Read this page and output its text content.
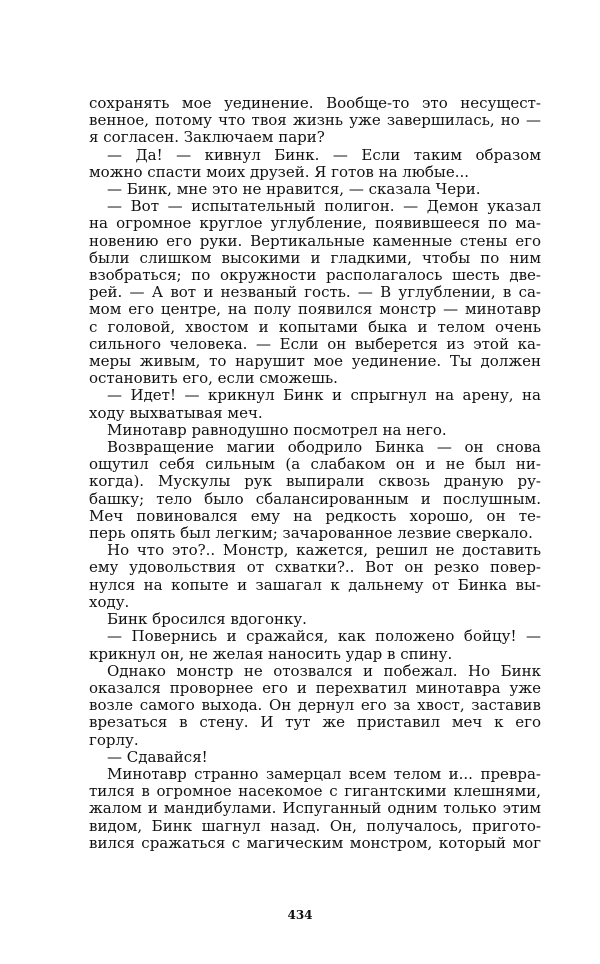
сохранять мое уединение. Вообще-то это несущест-

венное, потому что твоя жизнь уже завершилась, но —

я согласен. Заключаем пари?

— Да! — кивнул Бинк. — Если таким образом

можно спасти моих друзей. Я готов на любые...

— Бинк, мне это не нравится, — сказала Чери.

— Вот — испытательный полигон. — Демон указал

на огромное круглое углубление, появившееся по ма-

новению его руки. Вертикальные каменные стены его

были слишком высокими и гладкими, чтобы по ним

взобраться; по окружности располагалось шесть две-

рей. — А вот и незваный гость. — В углублении, в са-

мом его центре, на полу появился монстр — минотавр

с головой, хвостом и копытами быка и телом очень

сильного человека. — Если он выберется из этой ка-

меры живым, то нарушит мое уединение. Ты должен

остановить его, если сможешь.

— Идет! — крикнул Бинк и спрыгнул на арену, на

ходу выхватывая меч.

Минотавр равнодушно посмотрел на него.

Возвращение магии ободрило Бинка — он снова

ощутил себя сильным (а слабаком он и не был ни-

когда). Мускулы рук выпирали сквозь драную ру-

башку; тело было сбалансированным и послушным.

Меч повиновался ему на редкость хорошо, он те-

перь опять был легким; зачарованное лезвие сверкало.

Но что это?.. Монстр, кажется, решил не доставить

ему удовольствия от схватки?.. Вот он резко повер-

нулся на копыте и зашагал к дальнему от Бинка вы-

ходу.

Бинк бросился вдогонку.

— Повернись и сражайся, как положено бойцу! —

крикнул он, не желая наносить удар в спину.

Однако монстр не отозвался и побежал. Но Бинк

оказался проворнее его и перехватил минотавра уже

возле самого выхода. Он дернул его за хвост, заставив

врезаться в стену. И тут же приставил меч к его

горлу.

— Сдавайся!

Минотавр странно замерцал всем телом и... превра-

тился в огромное насекомое с гигантскими клешнями,

жалом и мандибулами. Испуганный одним только этим

видом, Бинк шагнул назад. Он, получалось, пригото-

вился сражаться с магическим монстром, который мог

434
